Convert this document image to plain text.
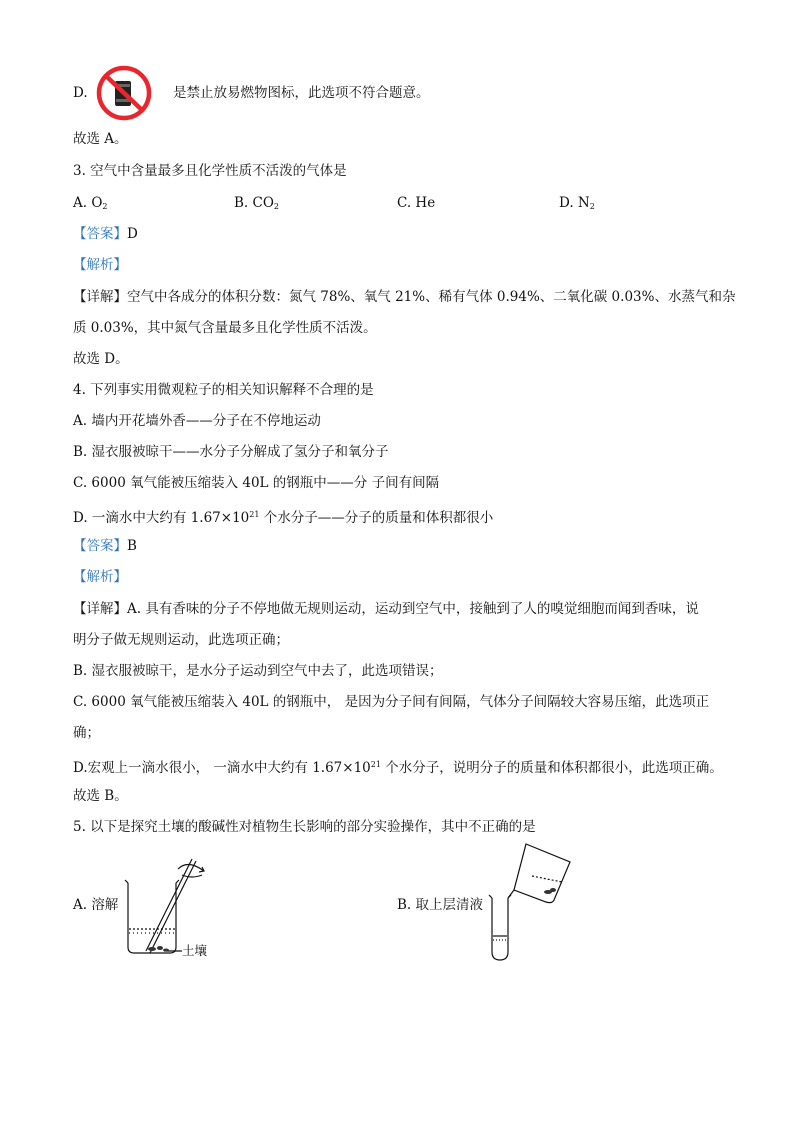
D.	是禁止放易燃物图标，此选项不符合题意。
故选 A。
3. 空气中含量最多且化学性质不活泼的气体是
A. $O_2$	B. $CO_2$	C. He	D. $N_2$
【答案】D
【解析】
【详解】空气中各成分的体积分数：氮气 78%、氧气 21%、稀有气体 0.94%、二氧化碳 0.03%、水蒸气和杂
质 0.03%，其中氮气含量最多且化学性质不活泼。
故选 D。
4. 下列事实用微观粒子的相关知识解释不合理的是
A. 墙内开花墙外香——分子在不停地运动
B. 湿衣服被晾干——水分子分解成了氢分子和氧分子
C. 6000 氧气能被压缩装入 40L 的钢瓶中——分 子间有间隔
D. 一滴水中大约有 $1.67\times 10^{21}$ 个水分子——分子的质量和体积都很小
【答案】B
【解析】
【详解】A. 具有香味的分子不停地做无规则运动，运动到空气中，接触到了人的嗅觉细胞而闻到香味，说
明分子做无规则运动，此选项正确；
B. 湿衣服被晾干，是水分子运动到空气中去了，此选项错误；
C. 6000 氧气能被压缩装入 40L 的钢瓶中， 是因为分子间有间隔，气体分子间隔较大容易压缩，此选项正
确；
D.宏观上一滴水很小， 一滴水中大约有 $1.67\times 10^{21}$ 个水分子，说明分子的质量和体积都很小，此选项正确。
故选 B。
5. 以下是探究土壤的酸碱性对植物生长影响的部分实验操作，其中不正确的是
A. 溶解
土壤
B. 取上层清液
